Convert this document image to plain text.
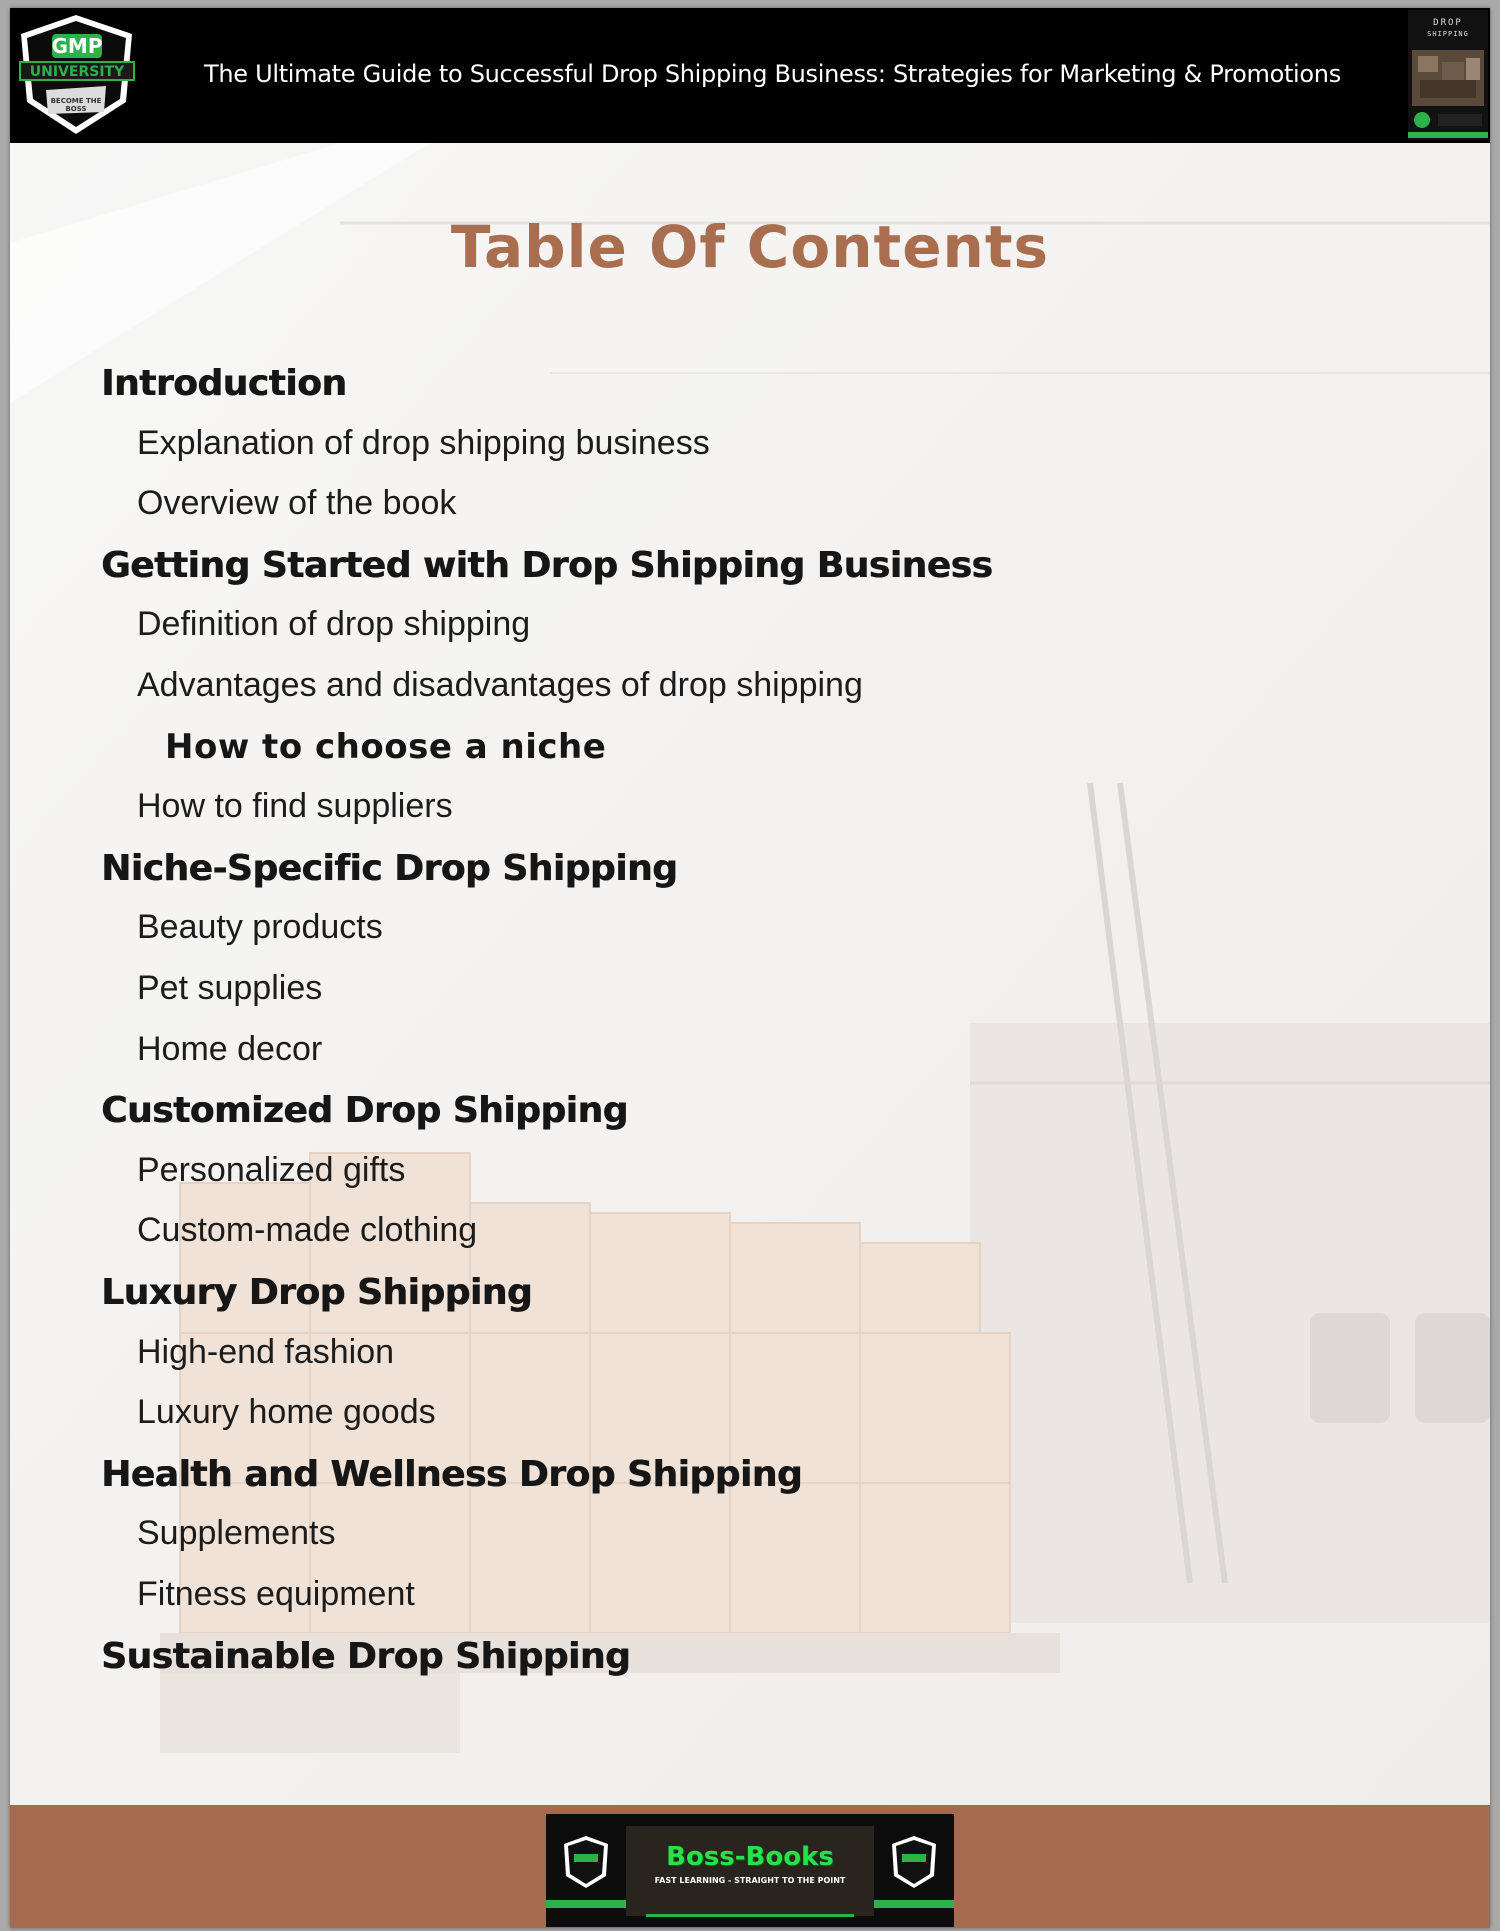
GMP
UNIVERSITY
BECOME THE
BOSS
The Ultimate Guide to Successful Drop Shipping Business: Strategies for Marketing & Promotions
DROP
SHIPPING
Table Of Contents
Introduction
Explanation of drop shipping business
Overview of the book
Getting Started with Drop Shipping Business
Definition of drop shipping
Advantages and disadvantages of drop shipping
How to choose a niche
How to find suppliers
Niche-Specific Drop Shipping
Beauty products
Pet supplies
Home decor
Customized Drop Shipping
Personalized gifts
Custom-made clothing
Luxury Drop Shipping
High-end fashion
Luxury home goods
Health and Wellness Drop Shipping
Supplements
Fitness equipment
Sustainable Drop Shipping
Boss-Books
FAST LEARNING - STRAIGHT TO THE POINT
